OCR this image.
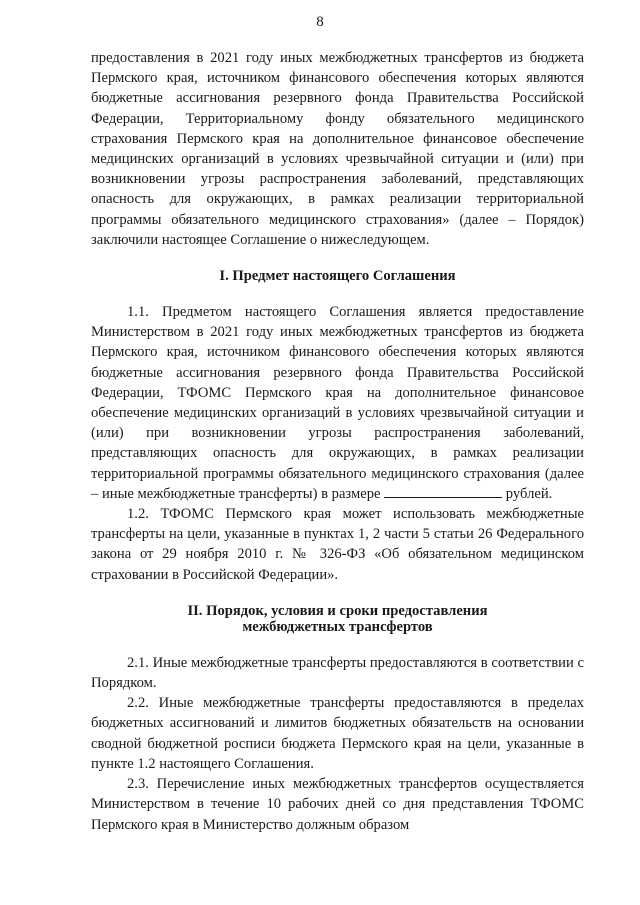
8

предоставления в 2021 году иных межбюджетных трансфертов из бюджета Пермского края, источником финансового обеспечения которых являются бюджетные ассигнования резервного фонда Правительства Российской Федерации, Территориальному фонду обязательного медицинского страхования Пермского края на дополнительное финансовое обеспечение медицинских организаций в условиях чрезвычайной ситуации и (или) при возникновении угрозы распространения заболеваний, представляющих опасность для окружающих, в рамках реализации территориальной программы обязательного медицинского страхования» (далее – Порядок) заключили настоящее Соглашение о нижеследующем.

I. Предмет настоящего Соглашения

1.1. Предметом настоящего Соглашения является предоставление Министерством в 2021 году иных межбюджетных трансфертов из бюджета Пермского края, источником финансового обеспечения которых являются бюджетные ассигнования резервного фонда Правительства Российской Федерации, ТФОМС Пермского края на дополнительное финансовое обеспечение медицинских организаций в условиях чрезвычайной ситуации и (или) при возникновении угрозы распространения заболеваний, представляющих опасность для окружающих, в рамках реализации территориальной программы обязательного медицинского страхования (далее – иные межбюджетные трансферты) в размере	рублей.

1.2. ТФОМС Пермского края может использовать межбюджетные трансферты на цели, указанные в пунктах 1, 2 части 5 статьи 26 Федерального закона от 29 ноября 2010 г. № 326-ФЗ «Об обязательном медицинском страховании в Российской Федерации».

II. Порядок, условия и сроки предоставления
межбюджетных трансфертов

2.1. Иные межбюджетные трансферты предоставляются в соответствии с Порядком.

2.2. Иные межбюджетные трансферты предоставляются в пределах бюджетных ассигнований и лимитов бюджетных обязательств на основании сводной бюджетной росписи бюджета Пермского края на цели, указанные в пункте 1.2 настоящего Соглашения.

2.3. Перечисление иных межбюджетных трансфертов осуществляется Министерством в течение 10 рабочих дней со дня представления ТФОМС Пермского края в Министерство должным образом
